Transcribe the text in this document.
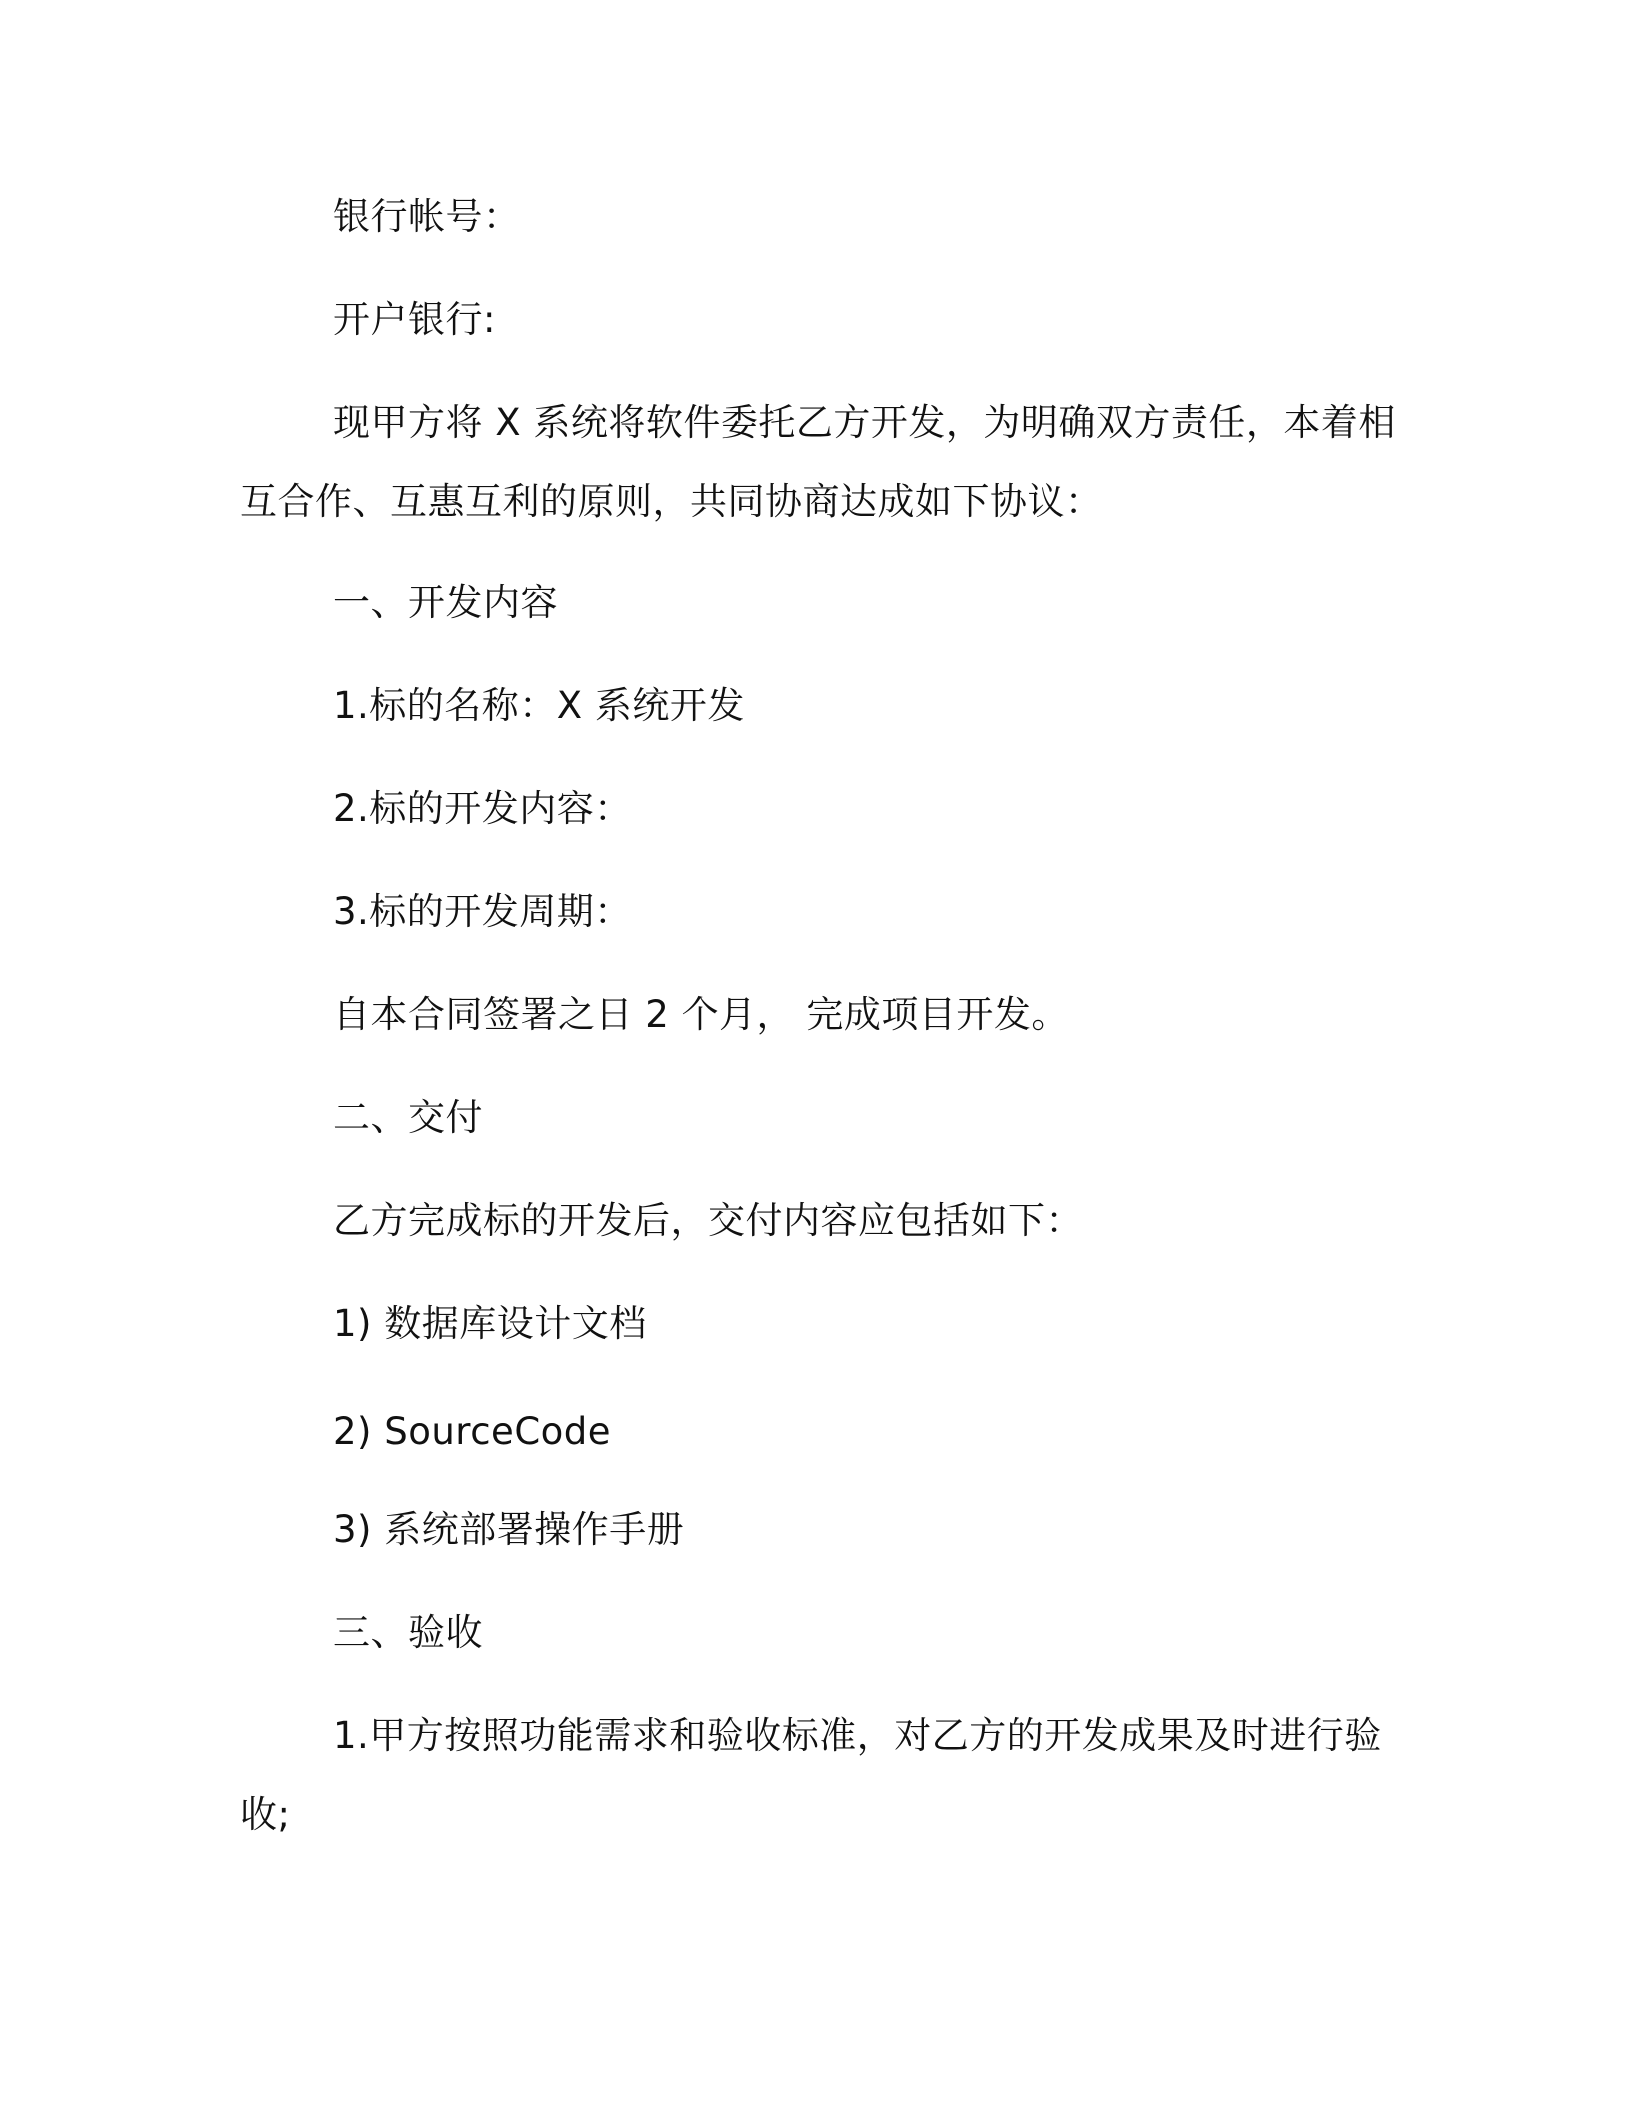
银行帐号：
开户银行:
现甲方将 X 系统将软件委托乙方开发，为明确双方责任，本着相
互合作、互惠互利的原则，共同协商达成如下协议：
一、开发内容
1.标的名称：X 系统开发
2.标的开发内容：
3.标的开发周期：
自本合同签署之日 2 个月， 完成项目开发。
二、交付
乙方完成标的开发后，交付内容应包括如下：
1) 数据库设计文档
2) SourceCode
3) 系统部署操作手册
三、验收
1.甲方按照功能需求和验收标准，对乙方的开发成果及时进行验
收;
